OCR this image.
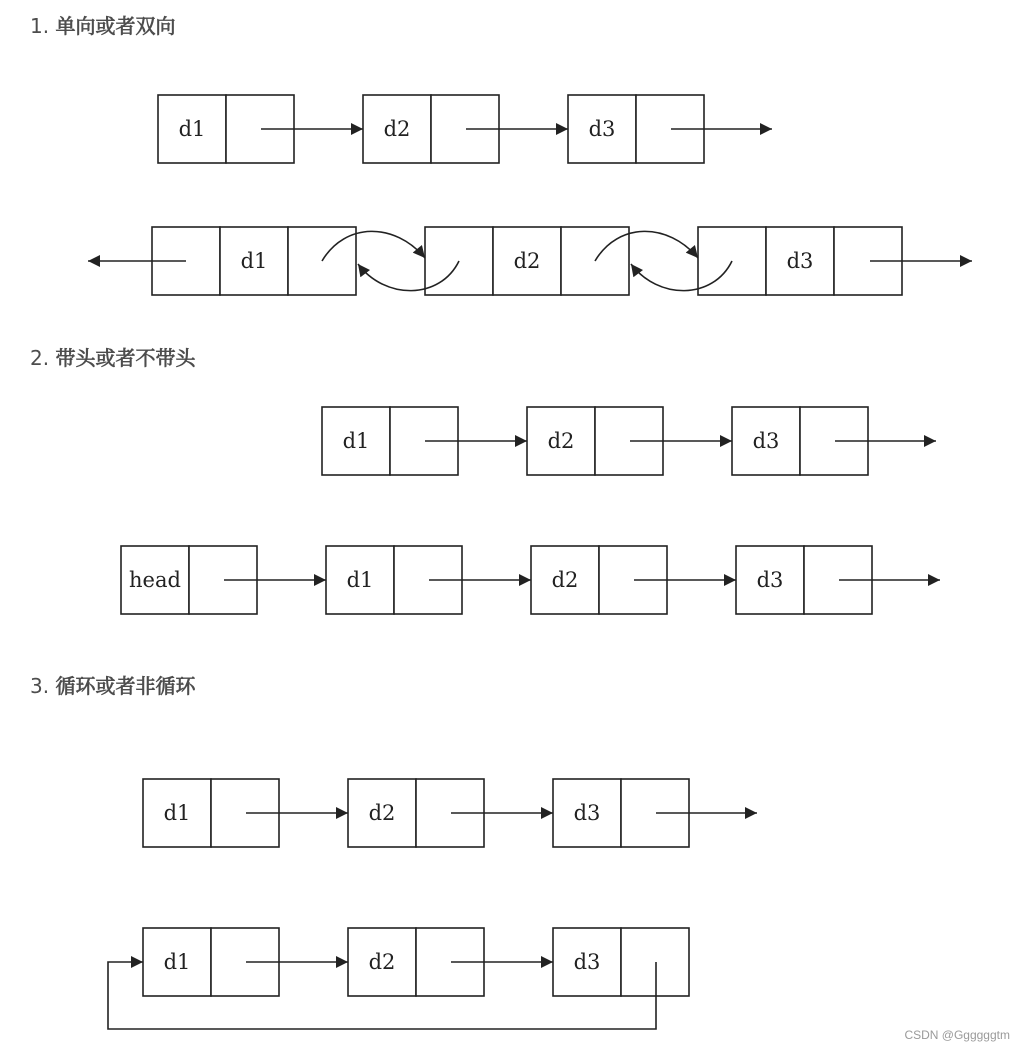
1. 单向或者双向
2. 带头或者不带头
3. 循环或者非循环
d1	d2	d3
d1	d2	d3
d1	d2	d3
head	d1	d2	d3
d1	d2	d3
d1	d2	d3
CSDN @Ggggggtm
